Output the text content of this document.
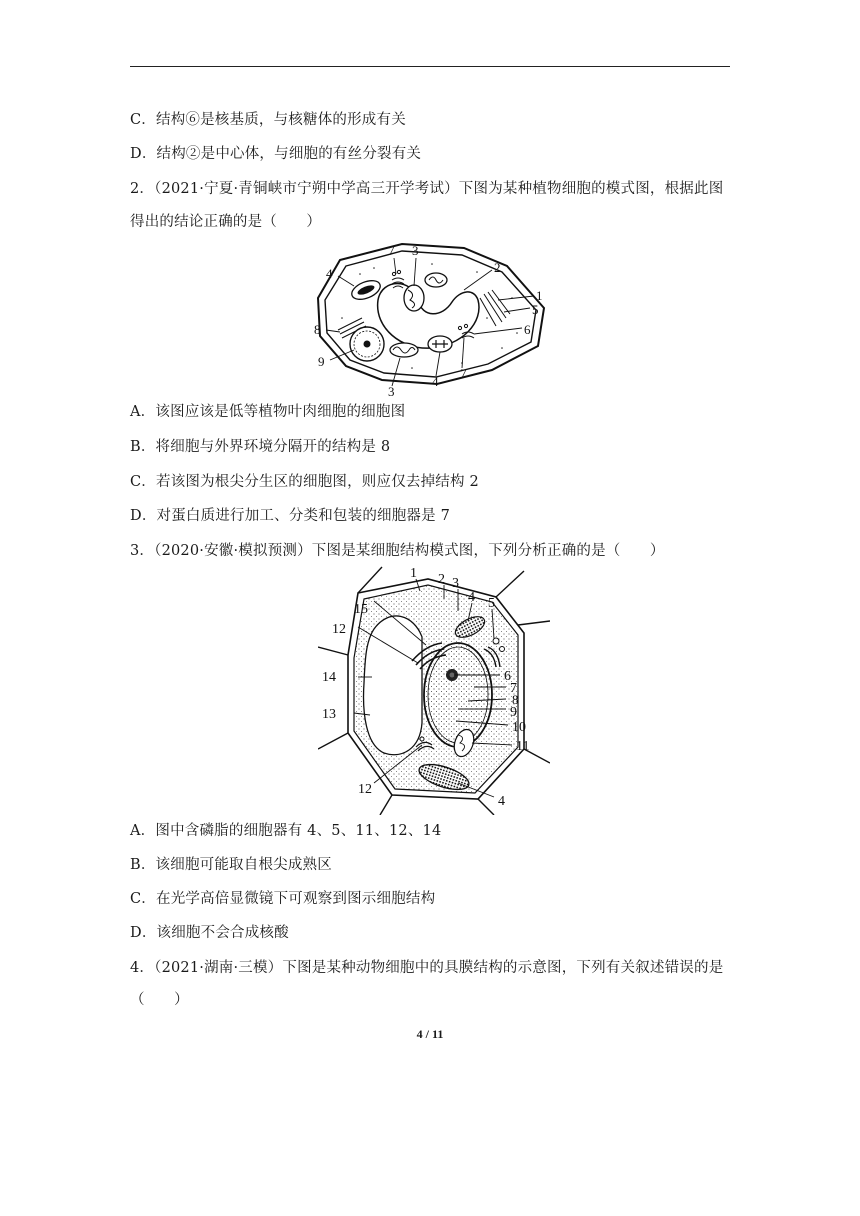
C．结构⑥是核基质，与核糖体的形成有关
D．结构②是中心体，与细胞的有丝分裂有关
2．（2021·宁夏·青铜峡市宁朔中学高三开学考试）下图为某种植物细胞的模式图，根据此图
得出的结论正确的是（　　）
7 3
2
4
1
5
6
8
9
3
4
7
A．该图应该是低等植物叶肉细胞的细胞图
B．将细胞与外界环境分隔开的结构是 8
C．若该图为根尖分生区的细胞图，则应仅去掉结构 2
D．对蛋白质进行加工、分类和包装的细胞器是 7
3．（2020·安徽·模拟预测）下图是某细胞结构模式图，下列分析正确的是（　　）
1 2 3
4 5
15
12
6
14
7
8
9
13
10
11
12
4
A．图中含磷脂的细胞器有 4、5、11、12、14
B．该细胞可能取自根尖成熟区
C．在光学高倍显微镜下可观察到图示细胞结构
D．该细胞不会合成核酸
4．（2021·湖南·三模）下图是某种动物细胞中的具膜结构的示意图，下列有关叙述错误的是
（　　）
4 / 11
